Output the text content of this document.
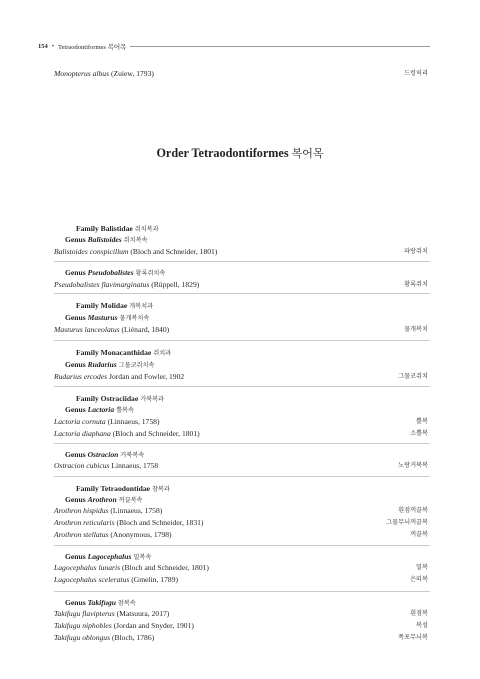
154 • Tetraodontiformes 복어목
Monopterus albus (Zuiew, 1793)	드렁허리
Order Tetraodontiformes 복어목
Family Balistidae 쥐치복과
Genus Balistoides 쥐치복속
Balistoides conspicillum (Bloch and Schneider, 1801)	파랑쥐치
Genus Pseudobalistes 황록쥐치속
Pseudobalistes flavimarginatus (Rüppell, 1829)	황록쥐치
Family Molidae 개복치과
Genus Masturus 물개복치속
Masturus lanceolatus (Liénard, 1840)	물개복치
Family Monacanthidae 쥐치과
Genus Rudarius 그물코쥐치속
Rudarius ercodes Jordan and Fowler, 1902	그물코쥐치
Family Ostraciidae 거북복과
Genus Lactoria 뿔복속
Lactoria cornuta (Linnaeus, 1758)	뿔복
Lactoria diaphana (Bloch and Schneider, 1801)	소뿔복
Genus Ostracion 거북복속
Ostracion cubicus Linnaeus, 1758	노랑거북복
Family Tetraodontidae 참복과
Genus Arothron 꺼끌복속
Arothron hispidus (Linnaeus, 1758)	흰점꺼끌복
Arothron reticularis (Bloch and Schneider, 1831)	그물무늬꺼끌복
Arothron stellatus (Anonymous, 1798)	꺼끌복
Genus Lagocephalus 밀복속
Lagocephalus lunaris (Bloch and Schneider, 1801)	밀복
Lagocephalus sceleratus (Gmelin, 1789)	은띠복
Genus Takifugu 참복속
Takifugu flavipterus (Matsuura, 2017)	흰점복
Takifugu niphobles (Jordan and Snyder, 1901)	복섬
Takifugu oblongus (Bloch, 1786)	폭포무늬복
